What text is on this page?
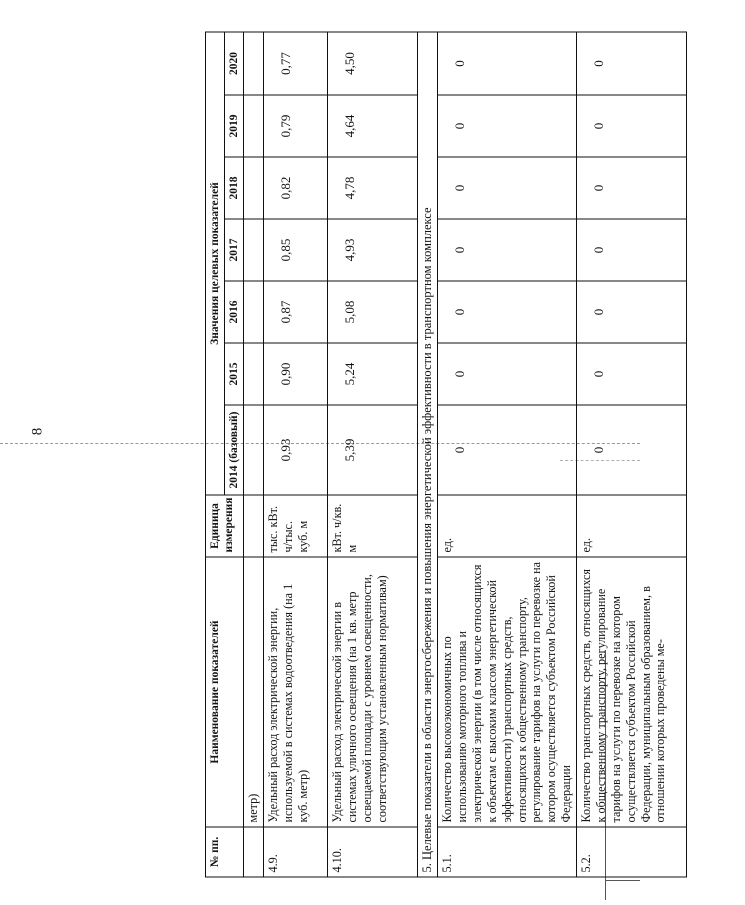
8
№ пп.	Наименование показателей	Единица измерения	Значения целевых показателей						
			2014 (базовый)	2015	2016	2017	2018	2019	2020
	метр)								
4.9.	Удельный расход электрической энергии, используемой в системах водоотведения (на 1 куб. метр)	тыс. кВт. ч/тыс. куб. м	0,93	0,90	0,87	0,85	0,82	0,79	0,77
4.10.	Удельный расход электрической энергии в системах уличного освещения (на 1 кв. метр освещаемой площади с уровнем освещенности, соответствующим установленным нормативам)	кВт. ч/кв. м	5,39	5,24	5,08	4,93	4,78	4,64	4,50
5. Целевые показатели в области энергосбережения и повышения энергетической эффективности в транспортном комплексе									
5.1.	Количество высокоэкономичных по использованию моторного топлива и электрической энергии (в том числе относящихся к объектам с высоким классом энергетической эффективности) транспортных средств, относящихся к общественному транспорту, регулирование тарифов на услуги по перевозке на котором осуществляется субъектом Российской Федерации	ед.	0	0	0	0	0	0	0
5.2.	Количество транспортных средств, относящихся к общественному транспорту, регулирование тарифов на услуги по перевозке на котором осуществляется субъектом Российской Федерации, муниципальным образованием, в отношении которых проведены ме-	ед.	0	0	0	0	0	0	0
